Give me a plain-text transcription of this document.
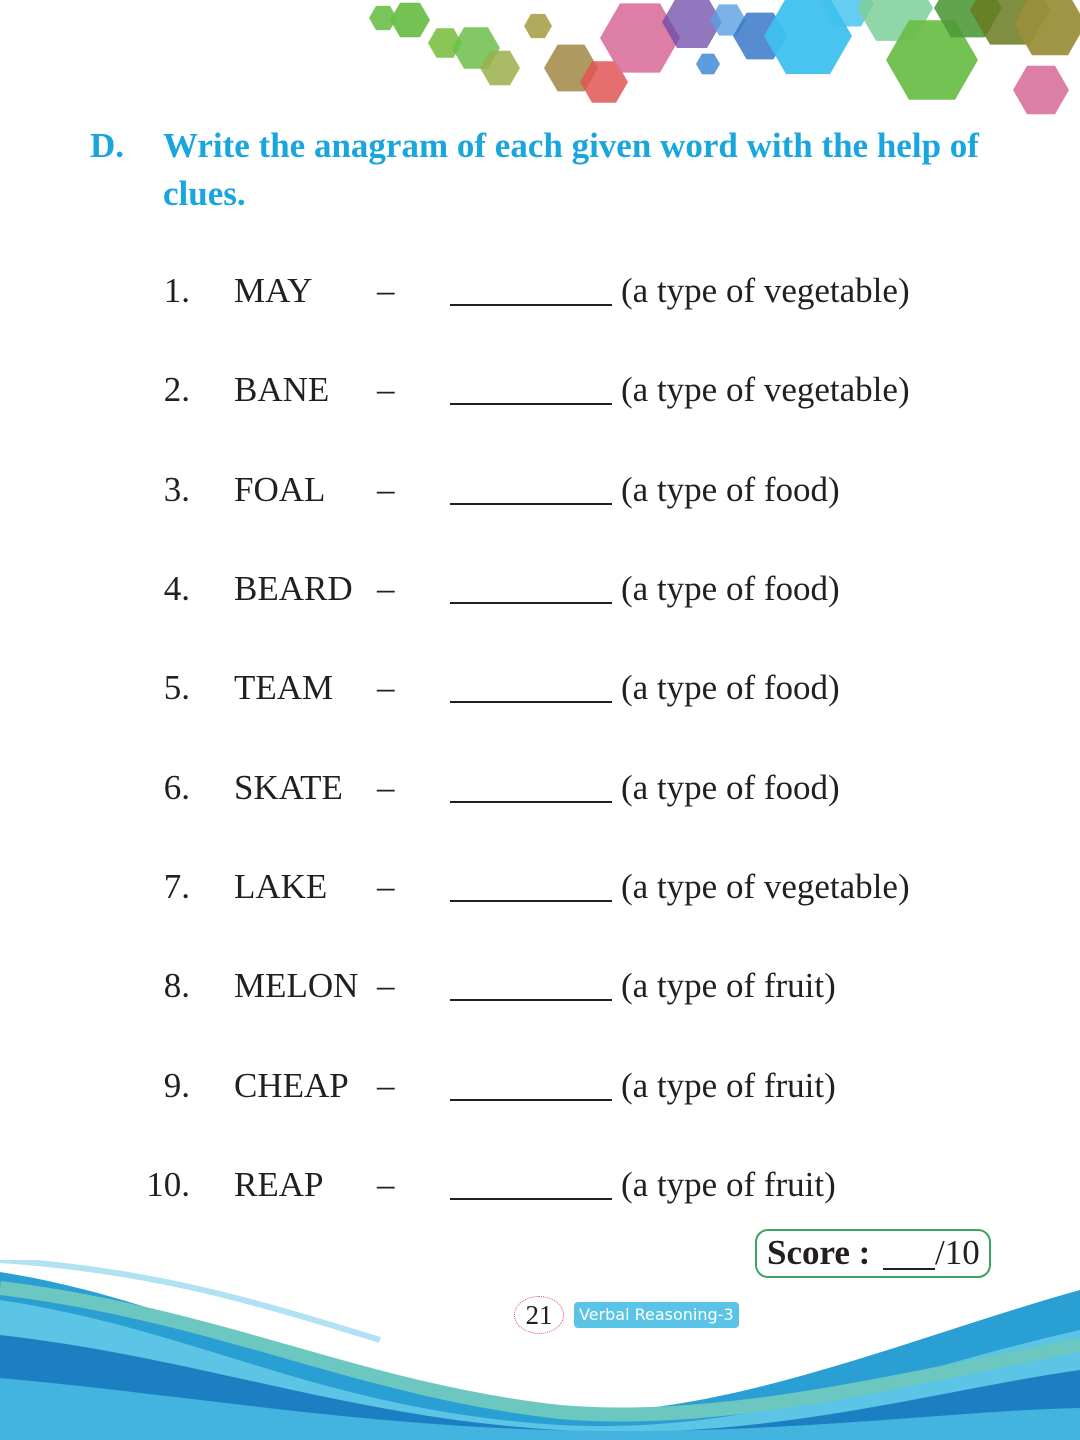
D. Write the anagram of each given word with the help of clues.
1. MAY –	(a type of vegetable)
2. BANE –	(a type of vegetable)
3. FOAL –	(a type of food)
4. BEARD –	(a type of food)
5. TEAM –	(a type of food)
6. SKATE –	(a type of food)
7. LAKE –	(a type of vegetable)
8. MELON –	(a type of fruit)
9. CHEAP –	(a type of fruit)
10. REAP –	(a type of fruit)
Score : /10
21	Verbal Reasoning-3
